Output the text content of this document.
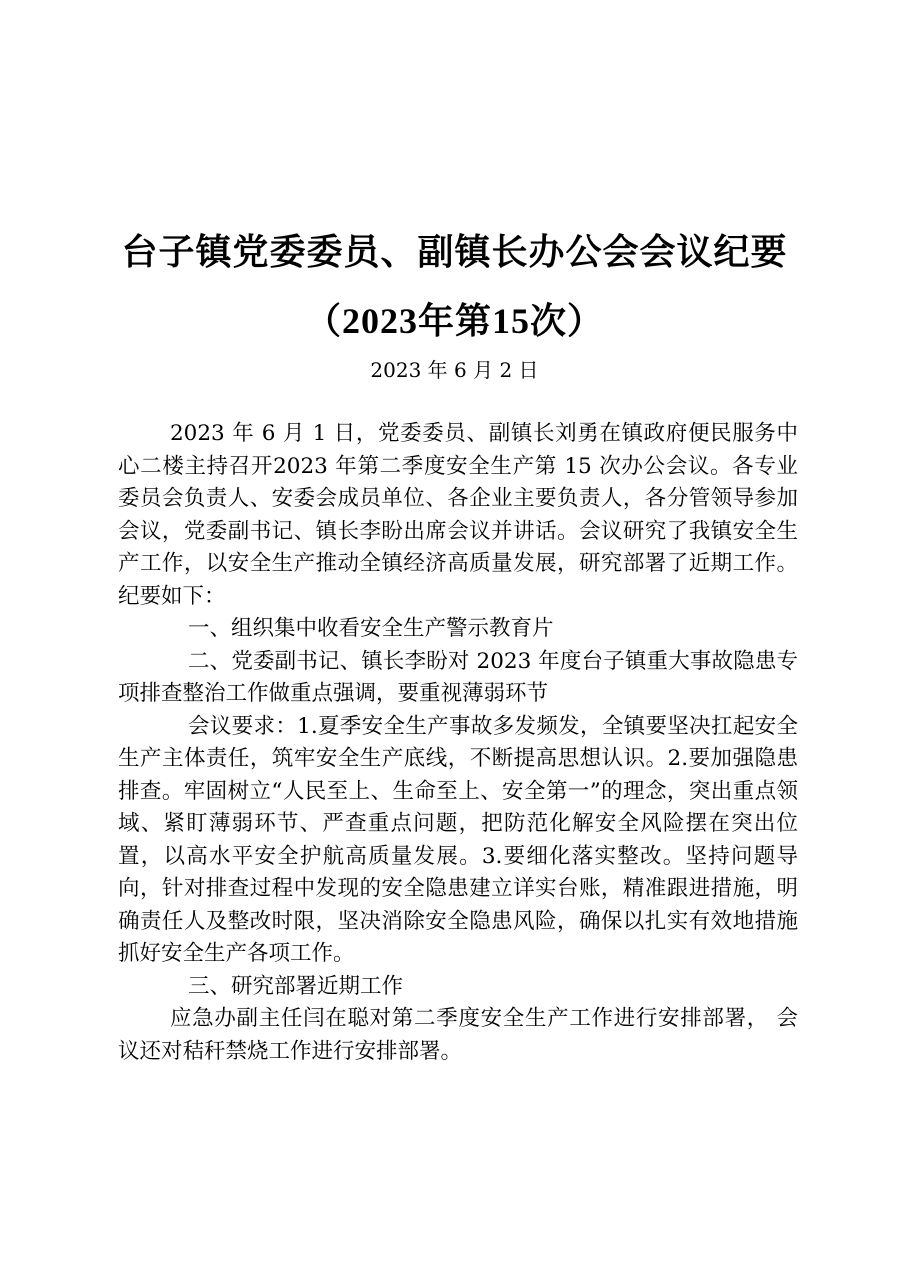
台子镇党委委员、副镇长办公会会议纪要
（2023年第15次）
2023 年 6 月 2 日

2023 年 6 月 1 日，党委委员、副镇长刘勇在镇政府便民服务中心二楼主持召开2023 年第二季度安全生产第 15 次办公会议。各专业委员会负责人、安委会成员单位、各企业主要负责人，各分管领导参加会议，党委副书记、镇长李盼出席会议并讲话。会议研究了我镇安全生产工作，以安全生产推动全镇经济高质量发展，研究部署了近期工作。纪要如下：

一、组织集中收看安全生产警示教育片

二、党委副书记、镇长李盼对 2023 年度台子镇重大事故隐患专项排查整治工作做重点强调，要重视薄弱环节

会议要求：1.夏季安全生产事故多发频发，全镇要坚决扛起安全生产主体责任，筑牢安全生产底线，不断提高思想认识。2.要加强隐患排查。牢固树立“人民至上、生命至上、安全第一”的理念，突出重点领域、紧盯薄弱环节、严查重点问题，把防范化解安全风险摆在突出位置，以高水平安全护航高质量发展。3.要细化落实整改。坚持问题导向，针对排查过程中发现的安全隐患建立详实台账，精准跟进措施，明确责任人及整改时限，坚决消除安全隐患风险，确保以扎实有效地措施抓好安全生产各项工作。

三、研究部署近期工作

应急办副主任闫在聪对第二季度安全生产工作进行安排部署， 会议还对秸秆禁烧工作进行安排部署。
